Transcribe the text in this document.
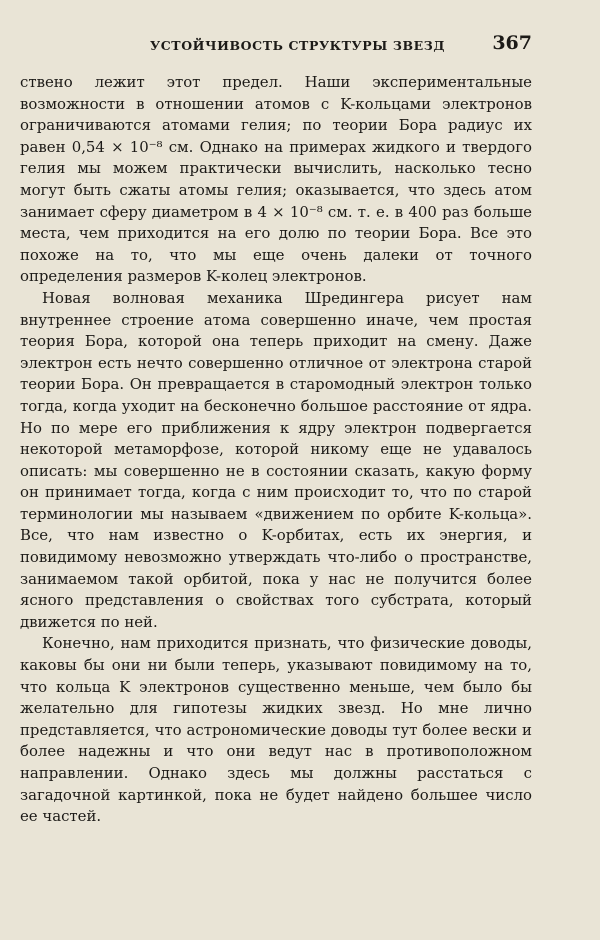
УСТОЙЧИВОСТЬ СТРУКТУРЫ ЗВЕЗД 367

ствено лежит этот предел. Наши экспериментальные возможности в отношении атомов с K-кольцами электронов ограничиваются атомами гелия; по теории Бора радиус их равен 0,54 × 10⁻⁸ см. Однако на примерах жидкого и твердого гелия мы можем практически вычислить, насколько тесно могут быть сжаты атомы гелия; оказывается, что здесь атом занимает сферу диаметром в 4 × 10⁻⁸ см. т. е. в 400 раз больше места, чем приходится на его долю по теории Бора. Все это похоже на то, что мы еще очень далеки от точного определения размеров K-колец электронов.

Новая волновая механика Шредингера рисует нам внутреннее строение атома совершенно иначе, чем простая теория Бора, которой она теперь приходит на смену. Даже электрон есть нечто совершенно отличное от электрона старой теории Бора. Он превращается в старомодный электрон только тогда, когда уходит на бесконечно большое расстояние от ядра. Но по мере его приближения к ядру электрон подвергается некоторой метаморфозе, которой никому еще не удавалось описать: мы совершенно не в состоянии сказать, какую форму он принимает тогда, когда с ним происходит то, что по старой терминологии мы называем «движением по орбите K-кольца». Все, что нам известно о K-орбитах, есть их энергия, и повидимому невозможно утверждать что-либо о пространстве, занимаемом такой орбитой, пока у нас не получится более ясного представления о свойствах того субстрата, который движется по ней.

Конечно, нам приходится признать, что физические доводы, каковы бы они ни были теперь, указывают повидимому на то, что кольца K электронов существенно меньше, чем было бы желательно для гипотезы жидких звезд. Но мне лично представляется, что астрономические доводы тут более вески и более надежны и что они ведут нас в противоположном направлении. Однако здесь мы должны расстаться с загадочной картинкой, пока не будет найдено большее число ее частей.
